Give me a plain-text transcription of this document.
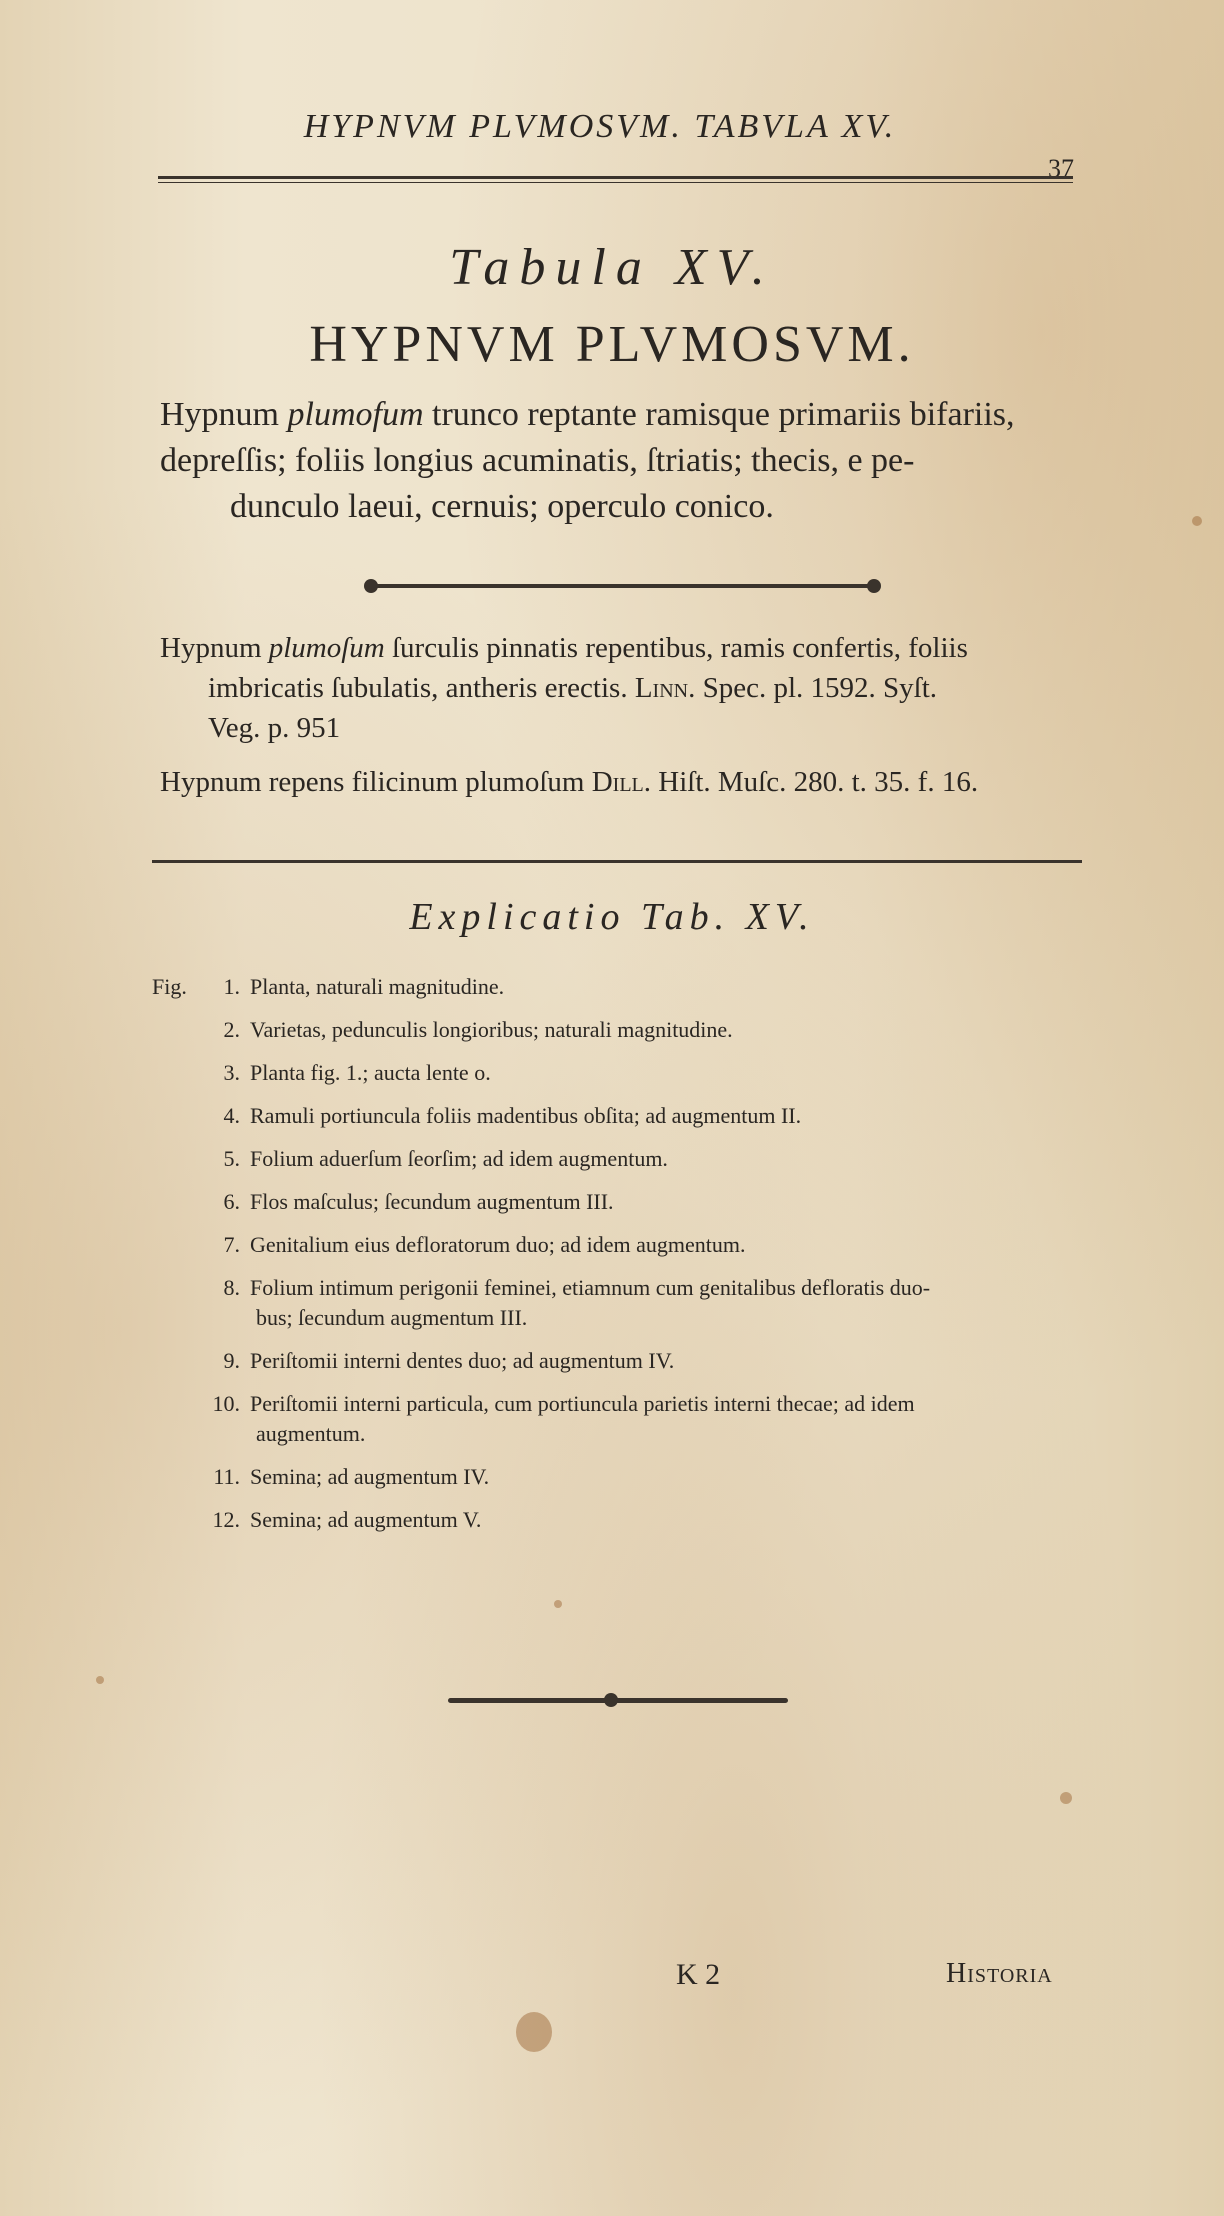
HYPNVM PLVMOSVM. TABVLA XV.
37
Tabula XV.
HYPNVM PLVMOSVM.
Hypnum plumofum trunco reptante ramisque primariis bifariis,
depreſſis; foliis longius acuminatis, ſtriatis; thecis, e pe-
dunculo laeui, cernuis; operculo conico.
Hypnum plumoſum ſurculis pinnatis repentibus, ramis confertis, foliis
imbricatis ſubulatis, antheris erectis. Linn. Spec. pl. 1592. Syſt.
Veg. p. 951
Hypnum repens filicinum plumoſum Dill. Hiſt. Muſc. 280. t. 35. f. 16.
Explicatio Tab. XV.
Fig. 1. Planta, naturali magnitudine.
2. Varietas, pedunculis longioribus; naturali magnitudine.
3. Planta fig. 1.; aucta lente o.
4. Ramuli portiuncula foliis madentibus obſita; ad augmentum II.
5. Folium aduerſum ſeorſim; ad idem augmentum.
6. Flos maſculus; ſecundum augmentum III.
7. Genitalium eius defloratorum duo; ad idem augmentum.
8. Folium intimum perigonii feminei, etiamnum cum genitalibus defloratis duo-
bus; ſecundum augmentum III.
9. Periſtomii interni dentes duo; ad augmentum IV.
10. Periſtomii interni particula, cum portiuncula parietis interni thecae; ad idem
augmentum.
11. Semina; ad augmentum IV.
12. Semina; ad augmentum V.
K 2	Historia
